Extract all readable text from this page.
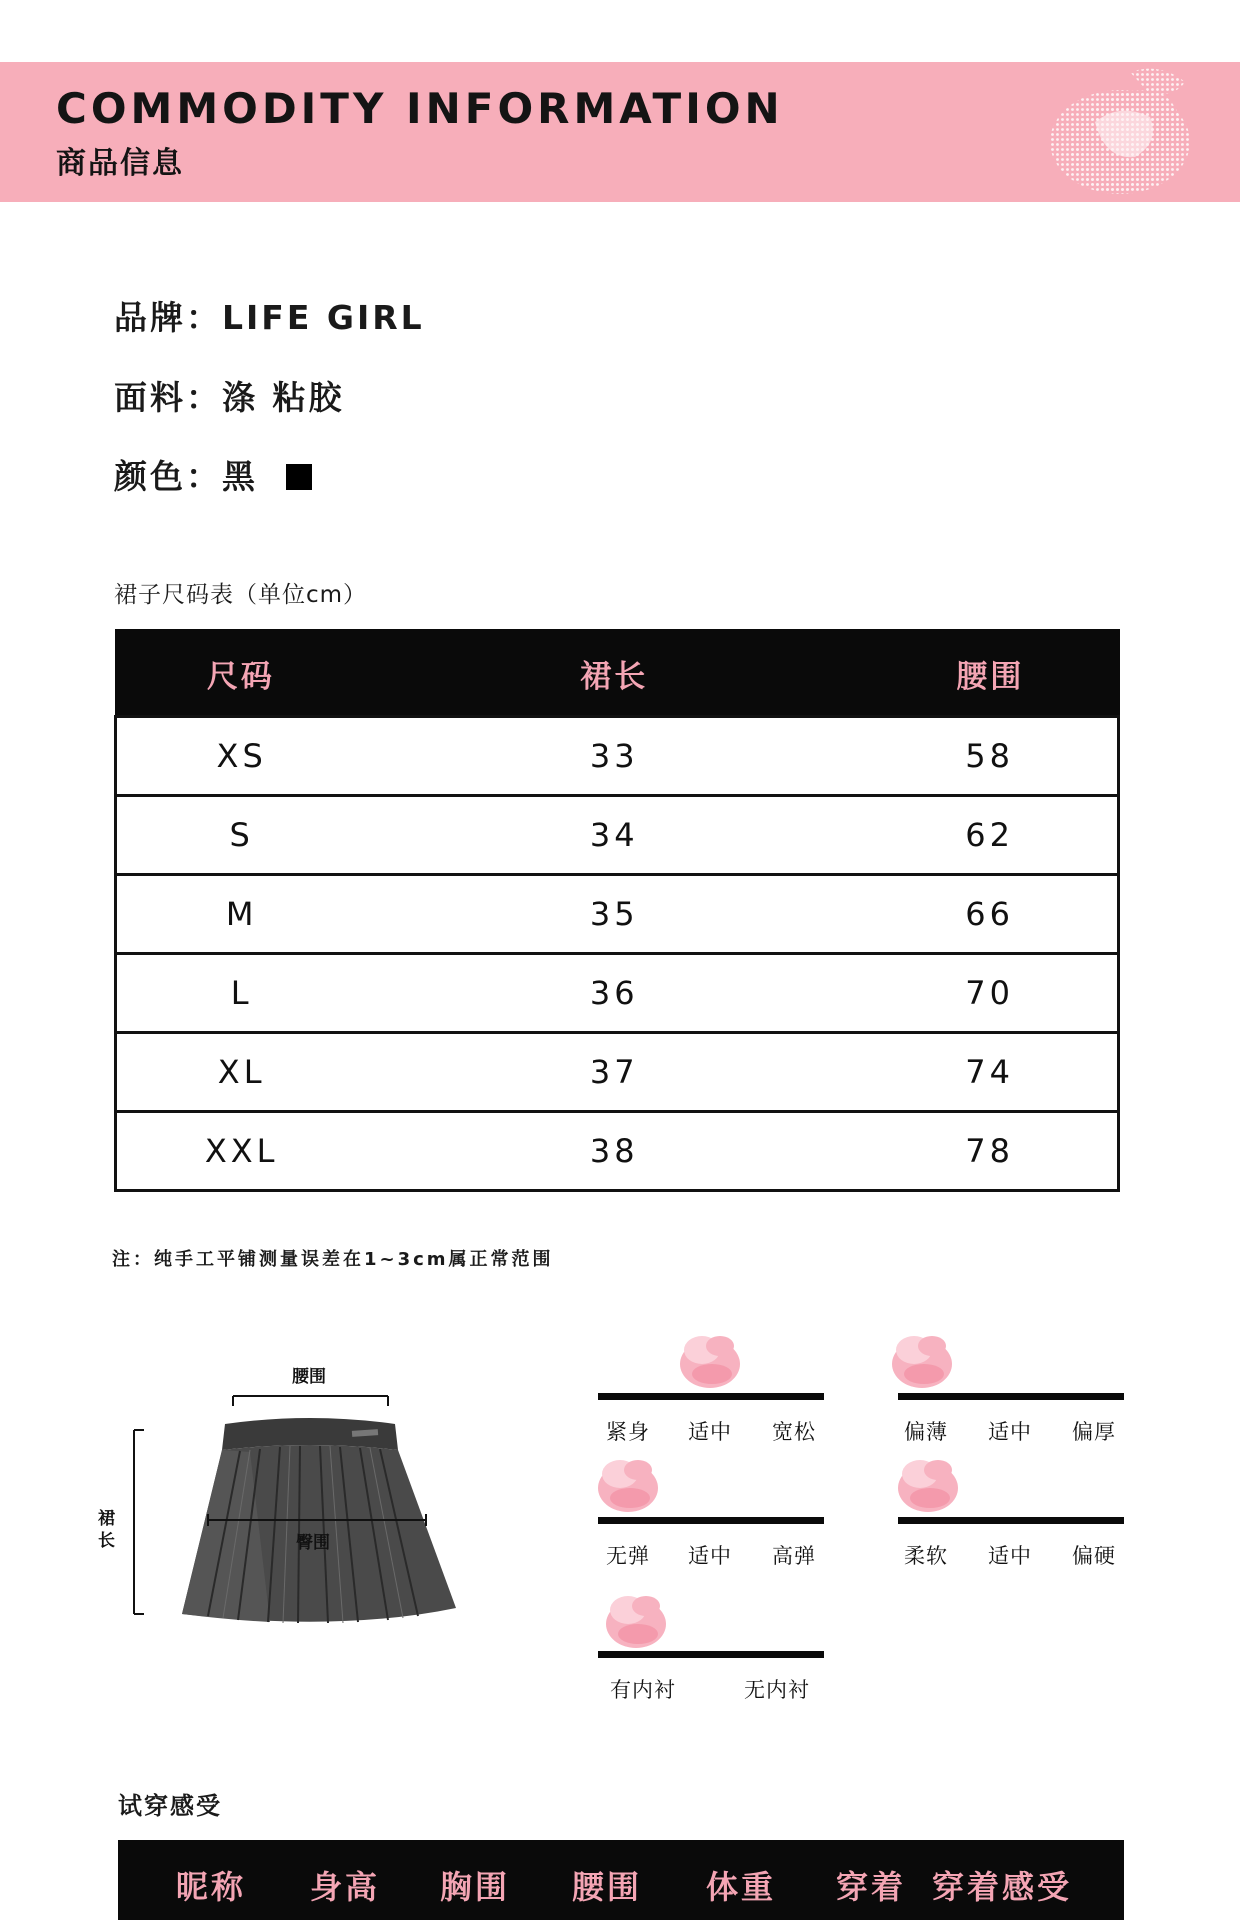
COMMODITY INFORMATION
商品信息
品牌：LIFE GIRL
面料：涤 粘胶
颜色：黑
裙子尺码表（单位cm）
尺码	裙长	腰围
XS	33	58
S	34	62
M	35	66
L	36	70
XL	37	74
XXL	38	78
注：纯手工平铺测量误差在1~3cm属正常范围
腰围
臀围
裙
长
紧身 适中 宽松	偏薄 适中 偏厚
无弹 适中 高弹	柔软 适中 偏硬
有内衬	无内衬
试穿感受
昵称 身高 胸围 腰围 体重 穿着 穿着感受
